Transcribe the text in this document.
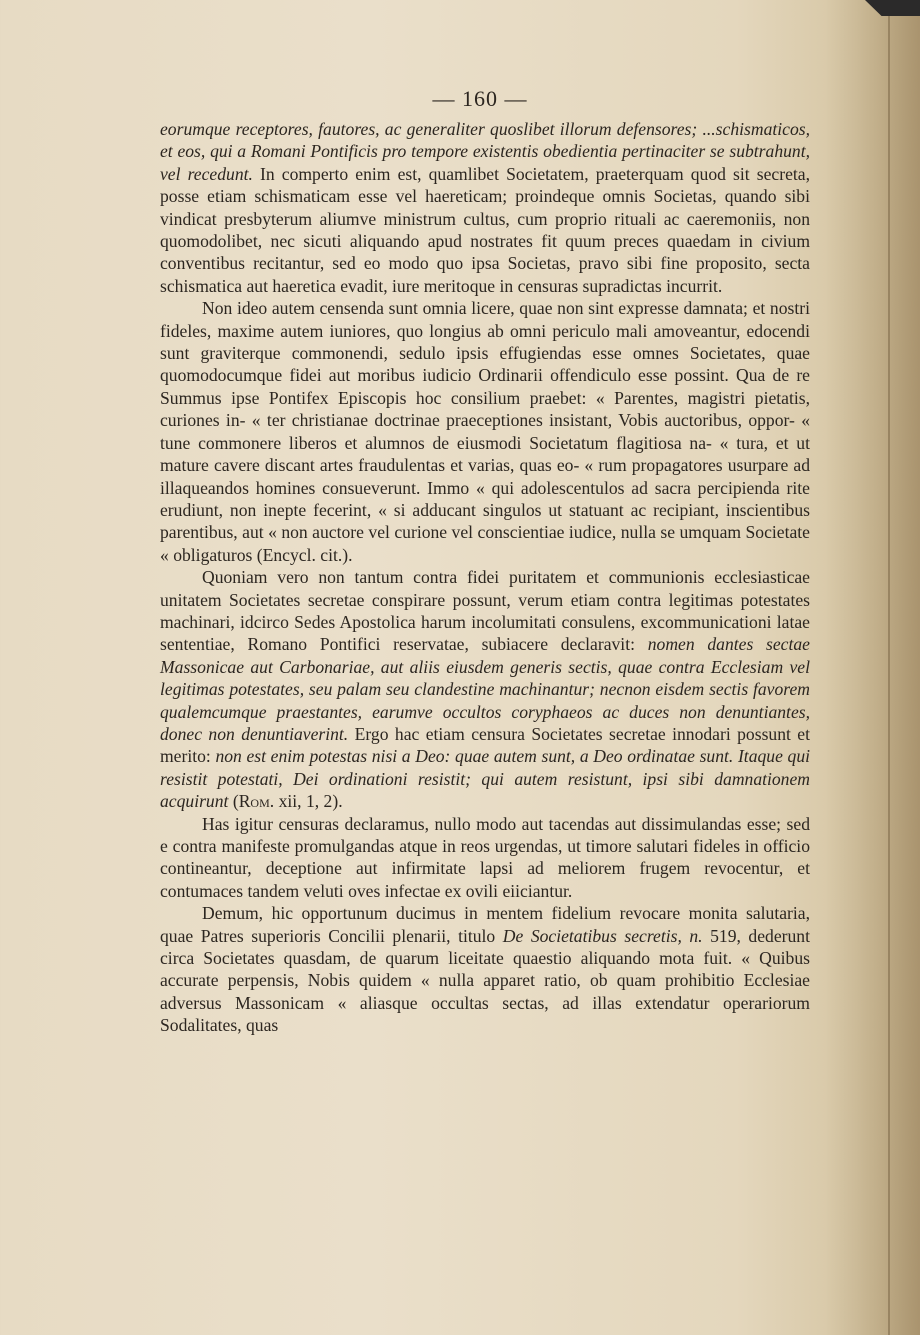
— 160 —

eorumque receptores, fautores, ac generaliter quoslibet illorum defensores; ...schismaticos, et eos, qui a Romani Pontificis pro tempore existentis obedientia pertinaciter se subtrahunt, vel recedunt. In comperto enim est, quamlibet Societatem, praeterquam quod sit secreta, posse etiam schismaticam esse vel haereticam; proindeque omnis Societas, quando sibi vindicat presbyterum aliumve ministrum cultus, cum proprio rituali ac caeremoniis, non quomodolibet, nec sicuti aliquando apud nostrates fit quum preces quaedam in civium conventibus recitantur, sed eo modo quo ipsa Societas, pravo sibi fine proposito, secta schismatica aut haeretica evadit, iure meritoque in censuras supradictas incurrit.

Non ideo autem censenda sunt omnia licere, quae non sint expresse damnata; et nostri fideles, maxime autem iuniores, quo longius ab omni periculo mali amoveantur, edocendi sunt graviterque commonendi, sedulo ipsis effugiendas esse omnes Societates, quae quomodocumque fidei aut moribus iudicio Ordinarii offendiculo esse possint. Qua de re Summus ipse Pontifex Episcopis hoc consilium praebet: « Parentes, magistri pietatis, curiones in- « ter christianae doctrinae praeceptiones insistant, Vobis auctoribus, oppor- « tune commonere liberos et alumnos de eiusmodi Societatum flagitiosa na- « tura, et ut mature cavere discant artes fraudulentas et varias, quas eo- « rum propagatores usurpare ad illaqueandos homines consueverunt. Immo « qui adolescentulos ad sacra percipienda rite erudiunt, non inepte fecerint, « si adducant singulos ut statuant ac recipiant, inscientibus parentibus, aut « non auctore vel curione vel conscientiae iudice, nulla se umquam Societate « obligaturos (Encycl. cit.).

Quoniam vero non tantum contra fidei puritatem et communionis ecclesiasticae unitatem Societates secretae conspirare possunt, verum etiam contra legitimas potestates machinari, idcirco Sedes Apostolica harum incolumitati consulens, excommunicationi latae sententiae, Romano Pontifici reservatae, subiacere declaravit: nomen dantes sectae Massonicae aut Carbonariae, aut aliis eiusdem generis sectis, quae contra Ecclesiam vel legitimas potestates, seu palam seu clandestine machinantur; necnon eisdem sectis favorem qualemcumque praestantes, earumve occultos coryphaeos ac duces non denuntiantes, donec non denuntiaverint. Ergo hac etiam censura Societates secretae innodari possunt et merito: non est enim potestas nisi a Deo: quae autem sunt, a Deo ordinatae sunt. Itaque qui resistit potestati, Dei ordinationi resistit; qui autem resistunt, ipsi sibi damnationem acquirunt (Rom. xii, 1, 2).

Has igitur censuras declaramus, nullo modo aut tacendas aut dissimulandas esse; sed e contra manifeste promulgandas atque in reos urgendas, ut timore salutari fideles in officio contineantur, deceptione aut infirmitate lapsi ad meliorem frugem revocentur, et contumaces tandem veluti oves infectae ex ovili eiiciantur.

Demum, hic opportunum ducimus in mentem fidelium revocare monita salutaria, quae Patres superioris Concilii plenarii, titulo De Societatibus secretis, n. 519, dederunt circa Societates quasdam, de quarum liceitate quaestio aliquando mota fuit. « Quibus accurate perpensis, Nobis quidem « nulla apparet ratio, ob quam prohibitio Ecclesiae adversus Massonicam « aliasque occultas sectas, ad illas extendatur operariorum Sodalitates, quas
